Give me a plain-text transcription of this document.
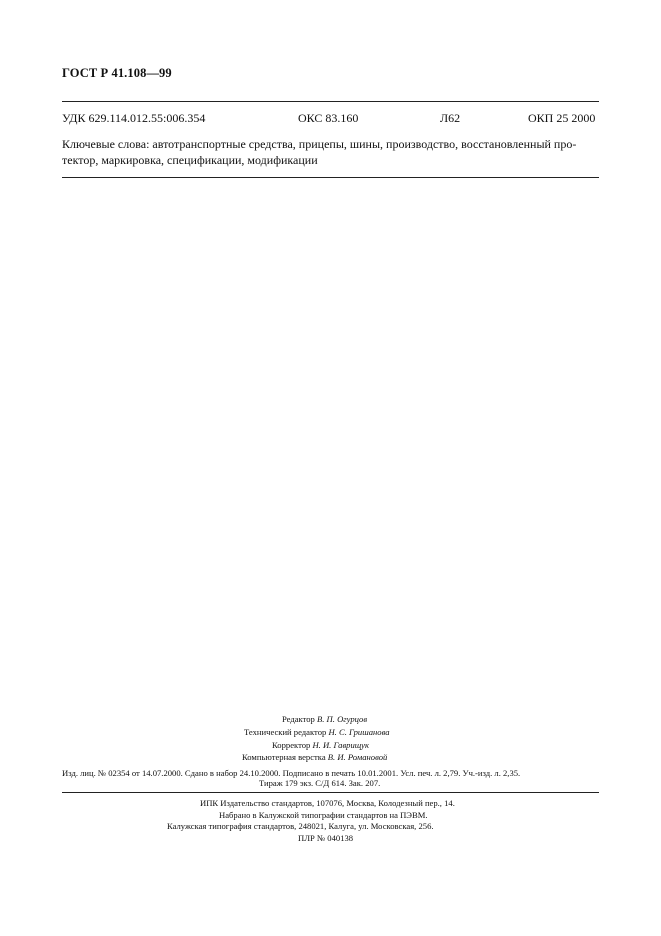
ГОСТ Р 41.108—99
УДК 629.114.012.55:006.354	ОКС 83.160	Л62	ОКП 25 2000
Ключевые слова: автотранспортные средства, прицепы, шины, производство, восстановленный про-
тектор, маркировка, спецификации, модификации
Редактор В. П. Огурцов
Технический редактор Н. С. Гришанова
Корректор Н. И. Гаврищук
Компьютерная верстка В. И. Романовой
Изд. лиц. № 02354 от 14.07.2000. Сдано в набор 24.10.2000. Подписано в печать 10.01.2001. Усл. печ. л. 2,79. Уч.-изд. л. 2,35.
Тираж 179 экз. С/Д 614. Зак. 207.
ИПК Издательство стандартов, 107076, Москва, Колодезный пер., 14.
Набрано в Калужской типографии стандартов на ПЭВМ.
Калужская типография стандартов, 248021, Калуга, ул. Московская, 256.
ПЛР № 040138
